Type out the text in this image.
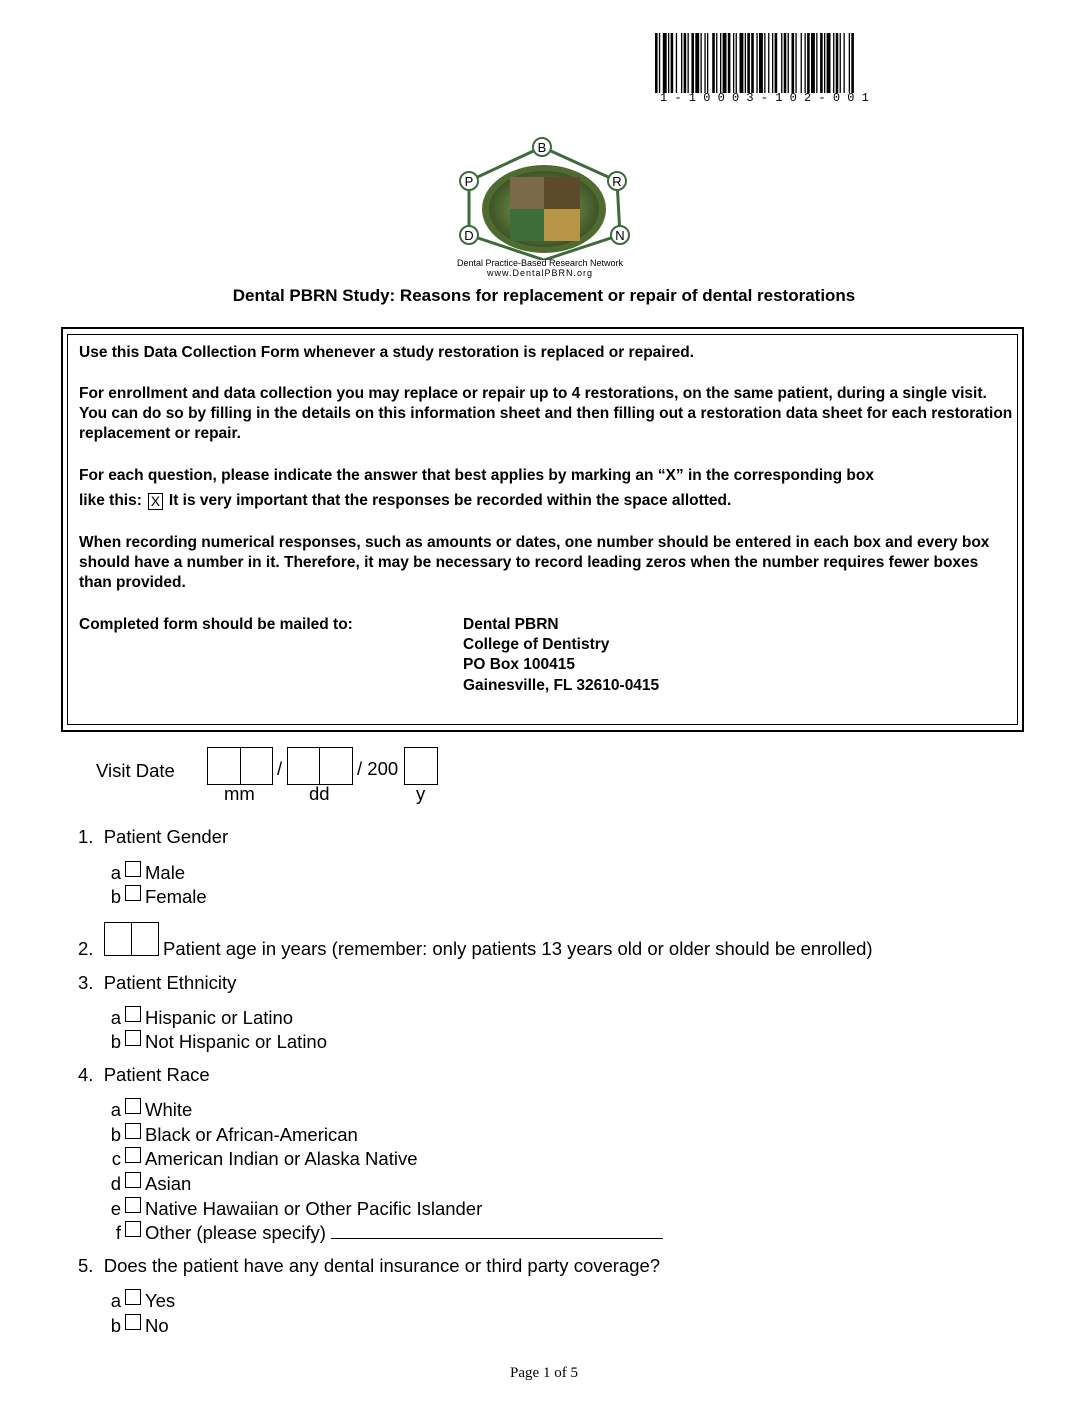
1-10003-102-001
B
P	R
D	N
Dental Practice-Based Research Network
www.DentalPBRN.org
Dental PBRN Study: Reasons for replacement or repair of dental restorations
Use this Data Collection Form whenever a study restoration is replaced or repaired.
For enrollment and data collection you may replace or repair up to 4 restorations, on the same patient, during a single visit. You can do so by filling in the details on this information sheet and then filling out a restoration data sheet for each restoration replacement or repair.
For each question, please indicate the answer that best applies by marking an “X” in the corresponding box
like this: X It is very important that the responses be recorded within the space allotted.
When recording numerical responses, such as amounts or dates, one number should be entered in each box and every box should have a number in it. Therefore, it may be necessary to record leading zeros when the number requires fewer boxes than provided.
Completed form should be mailed to:	Dental PBRN
College of Dentistry
PO Box 100415
Gainesville, FL 32610-0415
Visit Date	/	/ 200
mm	dd	y
1. Patient Gender
a Male
b Female
2.	Patient age in years (remember: only patients 13 years old or older should be enrolled)
3. Patient Ethnicity
a Hispanic or Latino
b Not Hispanic or Latino
4. Patient Race
a White
b Black or African-American
c American Indian or Alaska Native
d Asian
e Native Hawaiian or Other Pacific Islander
f Other (please specify)
5. Does the patient have any dental insurance or third party coverage?
a Yes
b No
Page 1 of 5
